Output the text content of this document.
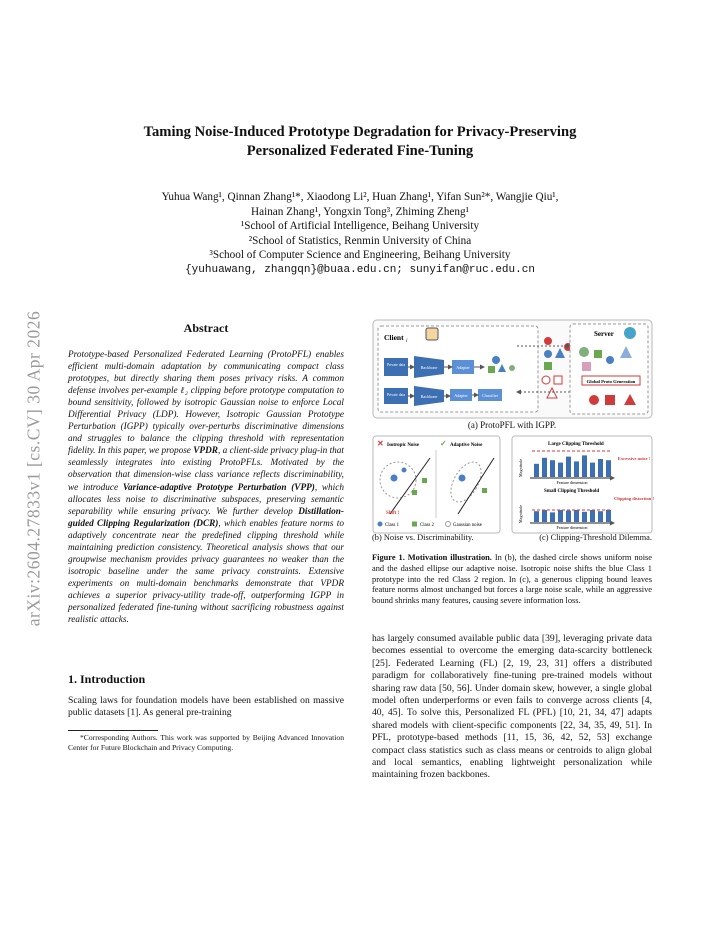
arXiv:2604.27833v1 [cs.CV] 30 Apr 2026
Taming Noise-Induced Prototype Degradation for Privacy-Preserving
Personalized Federated Fine-Tuning
Yuhua Wang¹, Qinnan Zhang¹*, Xiaodong Li², Huan Zhang¹, Yifan Sun²*, Wangjie Qiu¹,
Hainan Zhang¹, Yongxin Tong³, Zhiming Zheng¹
¹School of Artificial Intelligence, Beihang University
²School of Statistics, Renmin University of China
³School of Computer Science and Engineering, Beihang University
{yuhuawang, zhangqn}@buaa.edu.cn; sunyifan@ruc.edu.cn
Abstract
Prototype-based Personalized Federated Learning (ProtoPFL) enables efficient multi-domain adaptation by communicating compact class prototypes, but directly sharing them poses privacy risks. A common defense involves per-example ℓ₂ clipping before prototype computation to bound sensitivity, followed by isotropic Gaussian noise to enforce Local Differential Privacy (LDP). However, Isotropic Gaussian Prototype Perturbation (IGPP) typically over-perturbs discriminative dimensions and struggles to balance the clipping threshold with representation fidelity. In this paper, we propose VPDR, a client-side privacy plug-in that seamlessly integrates into existing ProtoPFLs. Motivated by the observation that dimension-wise class variance reflects discriminability, we introduce Variance-adaptive Prototype Perturbation (VPP), which allocates less noise to discriminative subspaces, preserving semantic separability while ensuring privacy. We further develop Distillation-guided Clipping Regularization (DCR), which enables feature norms to adaptively concentrate near the predefined clipping threshold while maintaining prediction consistency. Theoretical analysis shows that our groupwise mechanism provides privacy guarantees no weaker than the isotropic baseline under the same privacy constraints. Extensive experiments on multi-domain benchmarks demonstrate that VPDR achieves a superior privacy-utility trade-off, outperforming IGPP in personalized federated fine-tuning without sacrificing robustness against realistic attacks.
1. Introduction
Scaling laws for foundation models have been established on massive public datasets [1]. As general pre-training
*Corresponding Authors. This work was supported by Beijing Advanced Innovation Center for Future Blockchain and Privacy Computing.
Client i
Private data	Backbone	Adapter
Private data	Backbone	Adapter	Classifier
Server
Global Proto Generation
✕ Isotropic Noise	✓ Adaptive Noise
Shift !
Class 1	Class 2	Gaussian noise
Large Clipping Threshold
Small Clipping Threshold
Magnitude
Magnitude
Feature dimension
Feature dimension
Excessive noise !
Clipping distortion !
(a) ProtoPFL with IGPP.
(b) Noise vs. Discriminability.	(c) Clipping-Threshold Dilemma.
Figure 1. Motivation illustration. In (b), the dashed circle shows uniform noise and the dashed ellipse our adaptive noise. Isotropic noise shifts the blue Class 1 prototype into the red Class 2 region. In (c), a generous clipping bound leaves feature norms almost unchanged but forces a large noise scale, while an aggressive bound shrinks many features, causing severe information loss.
has largely consumed available public data [39], leveraging private data becomes essential to overcome the emerging data-scarcity bottleneck [25]. Federated Learning (FL) [2, 19, 23, 31] offers a distributed paradigm for collaboratively fine-tuning pre-trained models without sharing raw data [50, 56]. Under domain skew, however, a single global model often underperforms or even fails to converge across clients [4, 40, 45]. To solve this, Personalized FL (PFL) [10, 21, 34, 47] adapts shared models with client-specific components [22, 34, 35, 49, 51]. In PFL, prototype-based methods [11, 15, 36, 42, 52, 53] exchange compact class statistics such as class means or centroids to align global and local semantics, enabling lightweight personalization while maintaining frozen backbones.
